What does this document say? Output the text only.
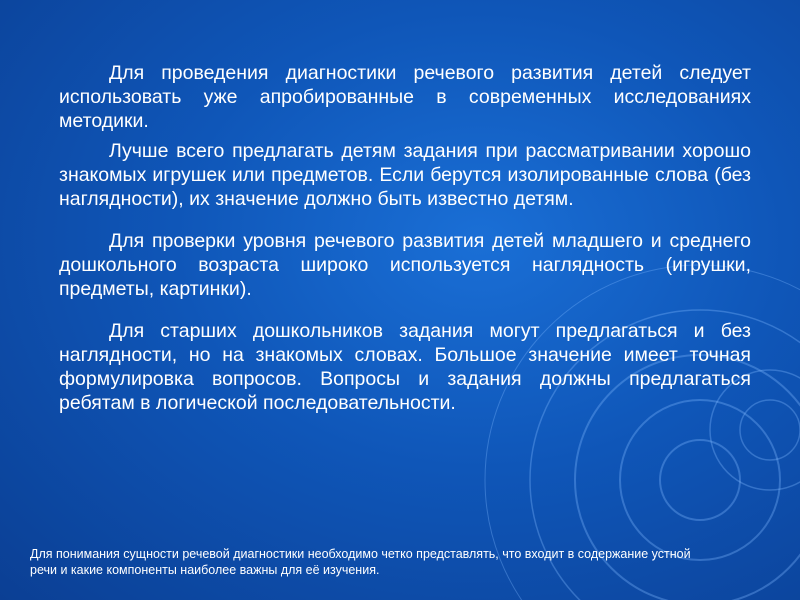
Для проведения диагностики речевого развития детей следует использовать уже апробированные в современных исследованиях методики.

Лучше всего предлагать детям задания при рассматривании хорошо знакомых игрушек или предметов. Если берутся изолированные слова (без наглядности), их значение должно быть известно детям.

Для проверки уровня речевого развития детей младшего и среднего дошкольного возраста широко используется наглядность (игрушки, предметы, картинки).

Для старших дошкольников задания могут предлагаться и без наглядности, но на знакомых словах. Большое значение имеет точная формулировка вопросов. Вопросы и задания должны предлагаться ребятам в логической последовательности.

Для понимания сущности речевой диагностики необходимо четко представлять, что входит в содержание устной речи и какие компоненты наиболее важны для её изучения.
